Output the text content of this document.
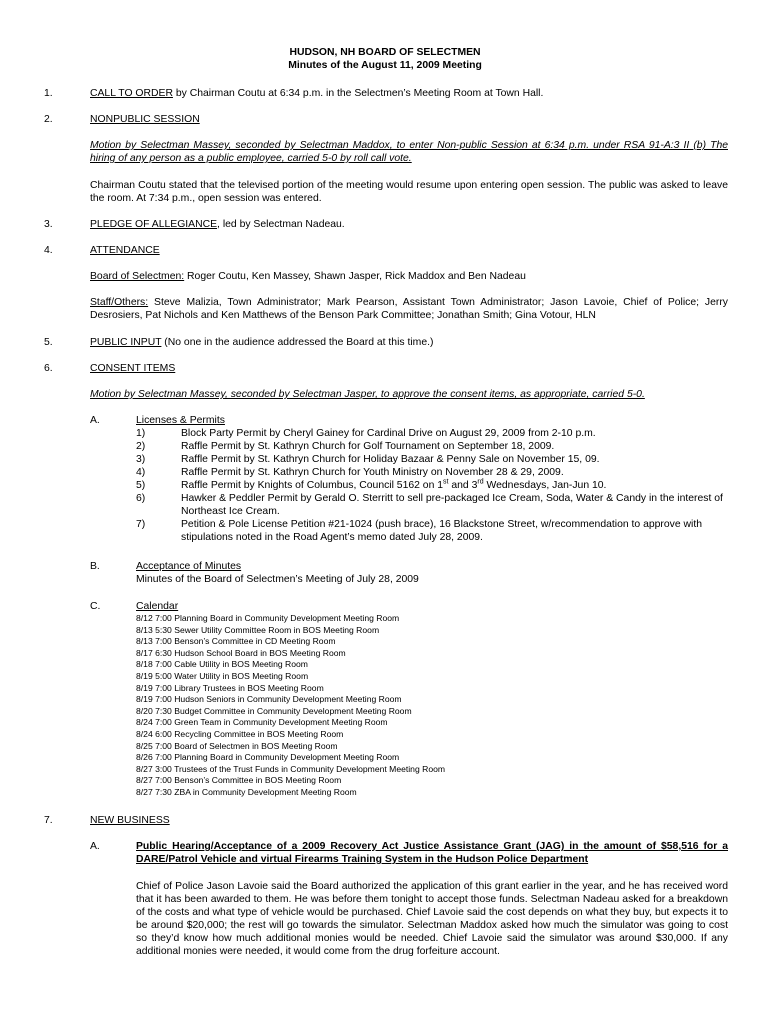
HUDSON, NH BOARD OF SELECTMEN
Minutes of the August 11, 2009 Meeting
1.	CALL TO ORDER by Chairman Coutu at 6:34 p.m. in the Selectmen’s Meeting Room at Town Hall.
2.	NONPUBLIC SESSION
Motion by Selectman Massey, seconded by Selectman Maddox, to enter Non-public Session at 6:34 p.m. under RSA 91-A:3 II (b) The hiring of any person as a public employee, carried 5-0 by roll call vote.
Chairman Coutu stated that the televised portion of the meeting would resume upon entering open session. The public was asked to leave the room. At 7:34 p.m., open session was entered.
3.	PLEDGE OF ALLEGIANCE, led by Selectman Nadeau.
4.	ATTENDANCE
Board of Selectmen: Roger Coutu, Ken Massey, Shawn Jasper, Rick Maddox and Ben Nadeau
Staff/Others: Steve Malizia, Town Administrator; Mark Pearson, Assistant Town Administrator; Jason Lavoie, Chief of Police; Jerry Desrosiers, Pat Nichols and Ken Matthews of the Benson Park Committee; Jonathan Smith; Gina Votour, HLN
5.	PUBLIC INPUT (No one in the audience addressed the Board at this time.)
6.	CONSENT ITEMS
Motion by Selectman Massey, seconded by Selectman Jasper, to approve the consent items, as appropriate, carried 5-0.
A.	Licenses & Permits
1)	Block Party Permit by Cheryl Gainey for Cardinal Drive on August 29, 2009 from 2-10 p.m.
2)	Raffle Permit by St. Kathryn Church for Golf Tournament on September 18, 2009.
3)	Raffle Permit by St. Kathryn Church for Holiday Bazaar & Penny Sale on November 15, 09.
4)	Raffle Permit by St. Kathryn Church for Youth Ministry on November 28 & 29, 2009.
5)	Raffle Permit by Knights of Columbus, Council 5162 on 1st and 3rd Wednesdays, Jan-Jun 10.
6)	Hawker & Peddler Permit by Gerald O. Sterritt to sell pre-packaged Ice Cream, Soda, Water & Candy in the interest of Northeast Ice Cream.
7)	Petition & Pole License Petition #21-1024 (push brace), 16 Blackstone Street, w/recommendation to approve with stipulations noted in the Road Agent’s memo dated July 28, 2009.
B.	Acceptance of Minutes
Minutes of the Board of Selectmen’s Meeting of July 28, 2009
C.	Calendar
8/12 7:00 Planning Board in Community Development Meeting Room
8/13 5:30 Sewer Utility Committee Room in BOS Meeting Room
8/13 7:00 Benson’s Committee in CD Meeting Room
8/17 6:30 Hudson School Board in BOS Meeting Room
8/18 7:00 Cable Utility in BOS Meeting Room
8/19 5:00 Water Utility in BOS Meeting Room
8/19 7:00 Library Trustees in BOS Meeting Room
8/19 7:00 Hudson Seniors in Community Development Meeting Room
8/20 7:30 Budget Committee in Community Development Meeting Room
8/24 7:00 Green Team in Community Development Meeting Room
8/24 6:00 Recycling Committee in BOS Meeting Room
8/25 7:00 Board of Selectmen in BOS Meeting Room
8/26 7:00 Planning Board in Community Development Meeting Room
8/27 3:00 Trustees of the Trust Funds in Community Development Meeting Room
8/27 7:00 Benson’s Committee in BOS Meeting Room
8/27 7:30 ZBA in Community Development Meeting Room
7.	NEW BUSINESS
A.	Public Hearing/Acceptance of a 2009 Recovery Act Justice Assistance Grant (JAG) in the amount of $58,516 for a DARE/Patrol Vehicle and virtual Firearms Training System in the Hudson Police Department
Chief of Police Jason Lavoie said the Board authorized the application of this grant earlier in the year, and he has received word that it has been awarded to them. He was before them tonight to accept those funds. Selectman Nadeau asked for a breakdown of the costs and what type of vehicle would be purchased. Chief Lavoie said the cost depends on what they buy, but expects it to be around $20,000; the rest will go towards the simulator. Selectman Maddox asked how much the simulator was going to cost so they’d know how much additional monies would be needed. Chief Lavoie said the simulator was around $30,000. If any additional monies were needed, it would come from the drug forfeiture account.
